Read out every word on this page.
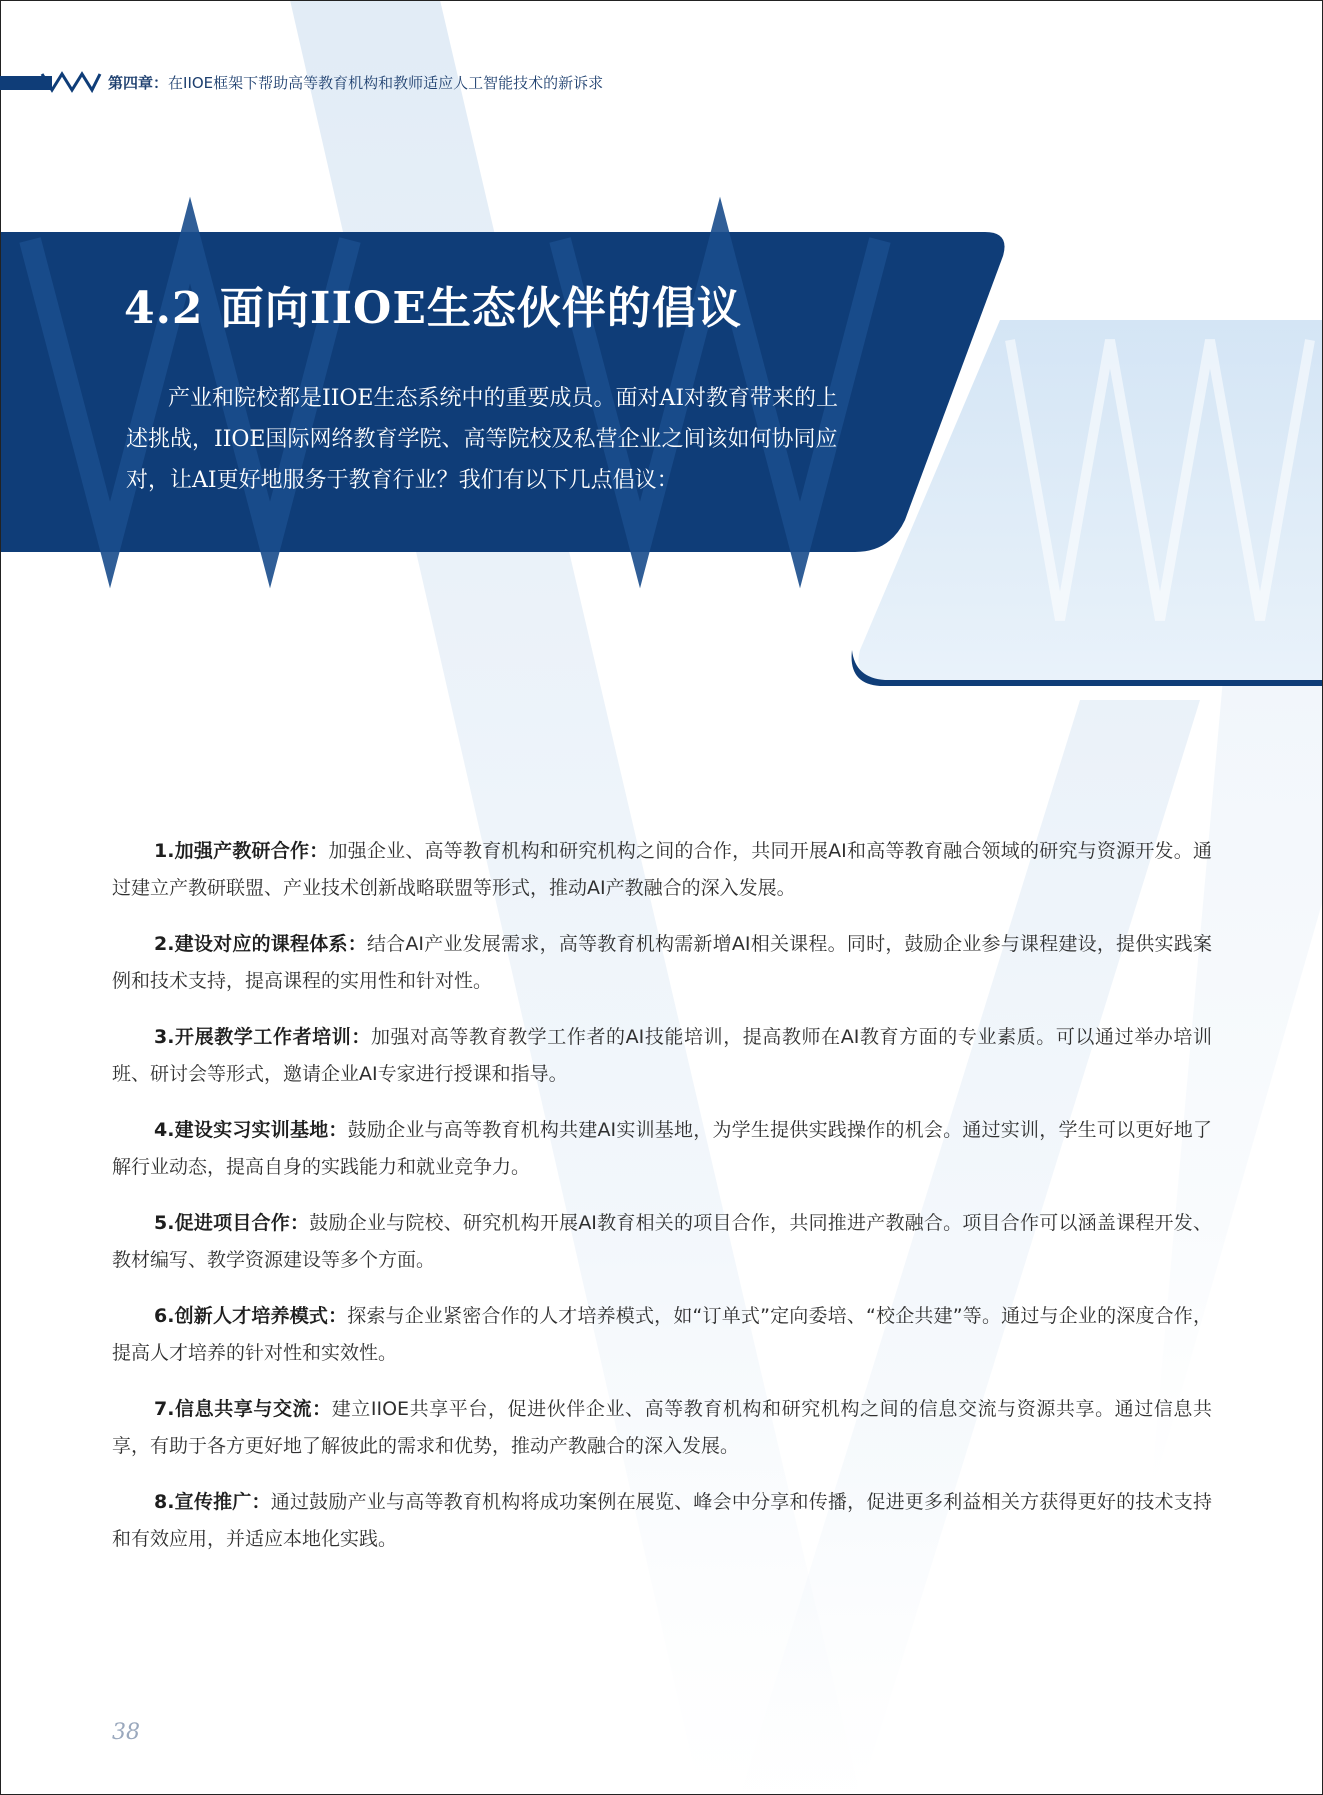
第四章：在IIOE框架下帮助高等教育机构和教师适应人工智能技术的新诉求
4.2 面向IIOE生态伙伴的倡议
产业和院校都是IIOE生态系统中的重要成员。面对AI对教育带来的上述挑战，IIOE国际网络教育学院、高等院校及私营企业之间该如何协同应对，让AI更好地服务于教育行业？我们有以下几点倡议：

1.加强产教研合作：加强企业、高等教育机构和研究机构之间的合作，共同开展AI和高等教育融合领域的研究与资源开发。通过建立产教研联盟、产业技术创新战略联盟等形式，推动AI产教融合的深入发展。

2.建设对应的课程体系：结合AI产业发展需求，高等教育机构需新增AI相关课程。同时，鼓励企业参与课程建设，提供实践案例和技术支持，提高课程的实用性和针对性。

3.开展教学工作者培训：加强对高等教育教学工作者的AI技能培训，提高教师在AI教育方面的专业素质。可以通过举办培训班、研讨会等形式，邀请企业AI专家进行授课和指导。

4.建设实习实训基地：鼓励企业与高等教育机构共建AI实训基地，为学生提供实践操作的机会。通过实训，学生可以更好地了解行业动态，提高自身的实践能力和就业竞争力。

5.促进项目合作：鼓励企业与院校、研究机构开展AI教育相关的项目合作，共同推进产教融合。项目合作可以涵盖课程开发、教材编写、教学资源建设等多个方面。

6.创新人才培养模式：探索与企业紧密合作的人才培养模式，如“订单式”定向委培、“校企共建”等。通过与企业的深度合作，提高人才培养的针对性和实效性。

7.信息共享与交流：建立IIOE共享平台，促进伙伴企业、高等教育机构和研究机构之间的信息交流与资源共享。通过信息共享，有助于各方更好地了解彼此的需求和优势，推动产教融合的深入发展。

8.宣传推广：通过鼓励产业与高等教育机构将成功案例在展览、峰会中分享和传播，促进更多利益相关方获得更好的技术支持和有效应用，并适应本地化实践。

38
